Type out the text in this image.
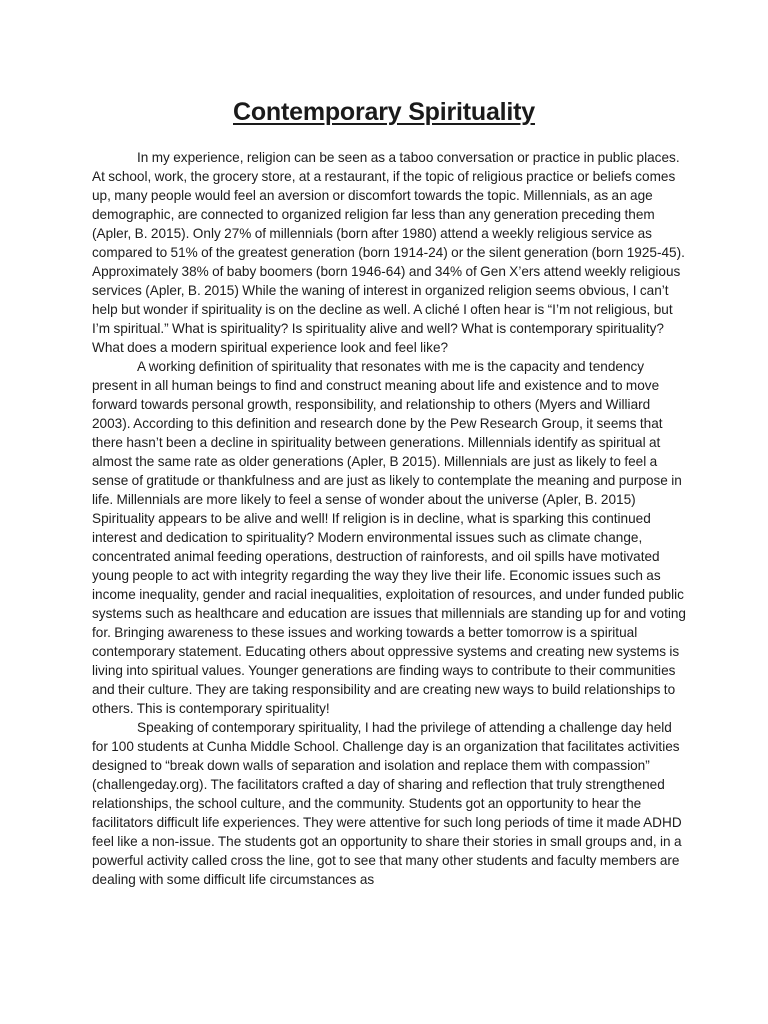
Contemporary Spirituality

In my experience, religion can be seen as a taboo conversation or practice in public places. At school, work, the grocery store, at a restaurant, if the topic of religious practice or beliefs comes up, many people would feel an aversion or discomfort towards the topic. Millennials, as an age demographic, are connected to organized religion far less than any generation preceding them (Apler, B. 2015). Only 27% of millennials (born after 1980) attend a weekly religious service as compared to 51% of the greatest generation (born 1914-24) or the silent generation (born 1925-45). Approximately 38% of baby boomers (born 1946-64) and 34% of Gen X’ers attend weekly religious services (Apler, B. 2015) While the waning of interest in organized religion seems obvious, I can’t help but wonder if spirituality is on the decline as well. A cliché I often hear is “I’m not religious, but I’m spiritual.” What is spirituality? Is spirituality alive and well? What is contemporary spirituality? What does a modern spiritual experience look and feel like?

A working definition of spirituality that resonates with me is the capacity and tendency present in all human beings to find and construct meaning about life and existence and to move forward towards personal growth, responsibility, and relationship to others (Myers and Williard 2003). According to this definition and research done by the Pew Research Group, it seems that there hasn’t been a decline in spirituality between generations. Millennials identify as spiritual at almost the same rate as older generations (Apler, B 2015). Millennials are just as likely to feel a sense of gratitude or thankfulness and are just as likely to contemplate the meaning and purpose in life. Millennials are more likely to feel a sense of wonder about the universe (Apler, B. 2015) Spirituality appears to be alive and well! If religion is in decline, what is sparking this continued interest and dedication to spirituality? Modern environmental issues such as climate change, concentrated animal feeding operations, destruction of rainforests, and oil spills have motivated young people to act with integrity regarding the way they live their life. Economic issues such as income inequality, gender and racial inequalities, exploitation of resources, and under funded public systems such as healthcare and education are issues that millennials are standing up for and voting for. Bringing awareness to these issues and working towards a better tomorrow is a spiritual contemporary statement. Educating others about oppressive systems and creating new systems is living into spiritual values. Younger generations are finding ways to contribute to their communities and their culture. They are taking responsibility and are creating new ways to build relationships to others. This is contemporary spirituality!

Speaking of contemporary spirituality, I had the privilege of attending a challenge day held for 100 students at Cunha Middle School. Challenge day is an organization that facilitates activities designed to “break down walls of separation and isolation and replace them with compassion” (challengeday.org). The facilitators crafted a day of sharing and reflection that truly strengthened relationships, the school culture, and the community. Students got an opportunity to hear the facilitators difficult life experiences. They were attentive for such long periods of time it made ADHD feel like a non-issue. The students got an opportunity to share their stories in small groups and, in a powerful activity called cross the line, got to see that many other students and faculty members are dealing with some difficult life circumstances as
